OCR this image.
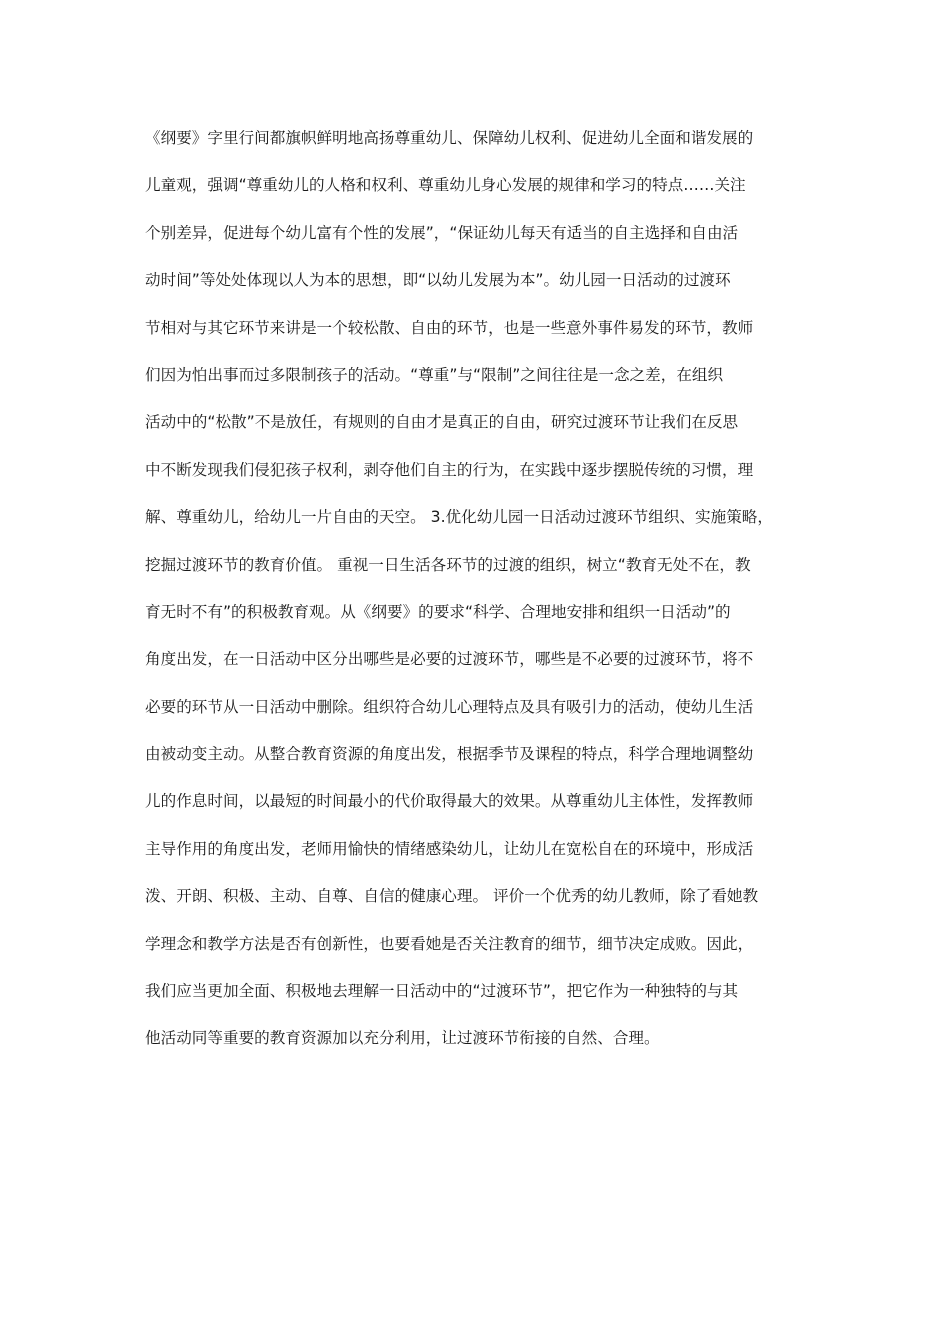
《纲要》字里行间都旗帜鲜明地高扬尊重幼儿、保障幼儿权利、促进幼儿全面和谐发展的
儿童观，强调“尊重幼儿的人格和权利、尊重幼儿身心发展的规律和学习的特点……关注
个别差异，促进每个幼儿富有个性的发展”，“保证幼儿每天有适当的自主选择和自由活
动时间”等处处体现以人为本的思想，即“以幼儿发展为本”。幼儿园一日活动的过渡环
节相对与其它环节来讲是一个较松散、自由的环节，也是一些意外事件易发的环节，教师
们因为怕出事而过多限制孩子的活动。“尊重”与“限制”之间往往是一念之差，在组织
活动中的“松散”不是放任，有规则的自由才是真正的自由，研究过渡环节让我们在反思
中不断发现我们侵犯孩子权利，剥夺他们自主的行为，在实践中逐步摆脱传统的习惯，理
解、尊重幼儿，给幼儿一片自由的天空。 3.优化幼儿园一日活动过渡环节组织、实施策略，
挖掘过渡环节的教育价值。 重视一日生活各环节的过渡的组织，树立“教育无处不在，教
育无时不有”的积极教育观。从《纲要》的要求“科学、合理地安排和组织一日活动”的
角度出发，在一日活动中区分出哪些是必要的过渡环节，哪些是不必要的过渡环节，将不
必要的环节从一日活动中删除。组织符合幼儿心理特点及具有吸引力的活动，使幼儿生活
由被动变主动。从整合教育资源的角度出发，根据季节及课程的特点，科学合理地调整幼
儿的作息时间，以最短的时间最小的代价取得最大的效果。从尊重幼儿主体性，发挥教师
主导作用的角度出发，老师用愉快的情绪感染幼儿，让幼儿在宽松自在的环境中，形成活
泼、开朗、积极、主动、自尊、自信的健康心理。 评价一个优秀的幼儿教师，除了看她教
学理念和教学方法是否有创新性，也要看她是否关注教育的细节，细节决定成败。因此，
我们应当更加全面、积极地去理解一日活动中的“过渡环节”，把它作为一种独特的与其
他活动同等重要的教育资源加以充分利用，让过渡环节衔接的自然、合理。
